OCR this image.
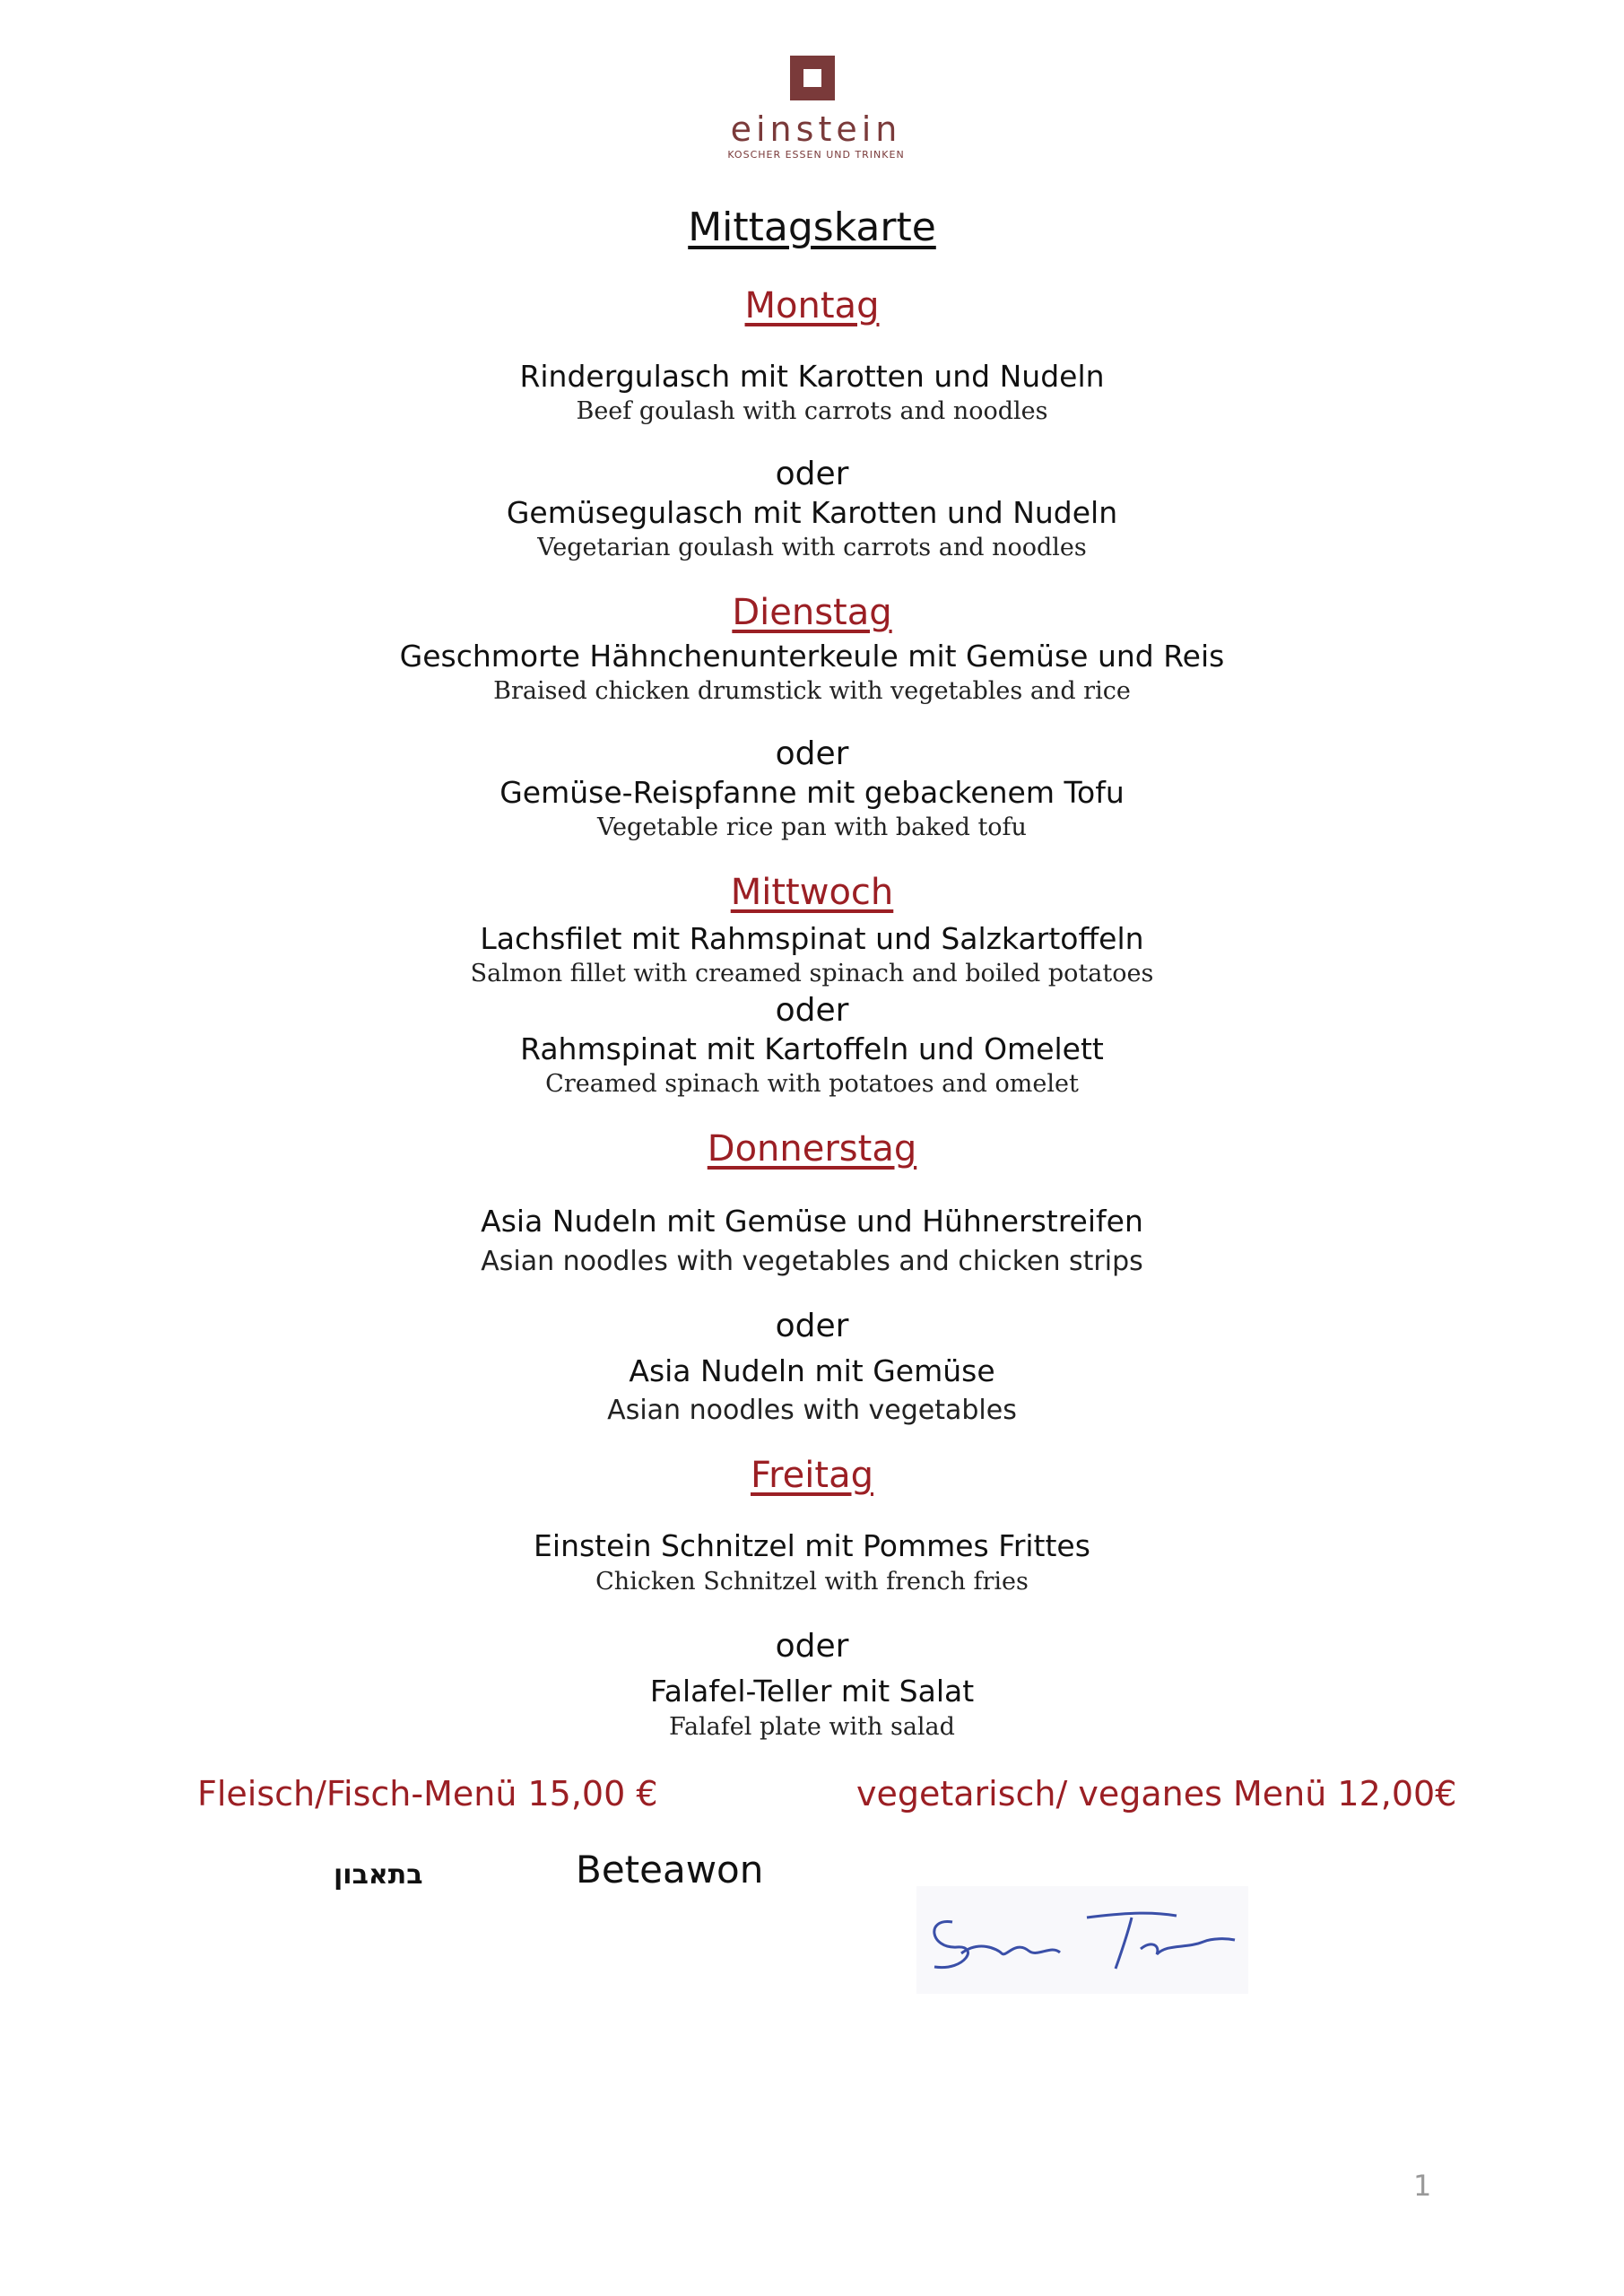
einstein
KOSCHER ESSEN UND TRINKEN
Mittagskarte
Montag
Rindergulasch mit Karotten und Nudeln
Beef goulash with carrots and noodles
oder
Gemüsegulasch mit Karotten und Nudeln
Vegetarian goulash with carrots and noodles
Dienstag
Geschmorte Hähnchenunterkeule mit Gemüse und Reis
Braised chicken drumstick with vegetables and rice
oder
Gemüse-Reispfanne mit gebackenem Tofu
Vegetable rice pan with baked tofu
Mittwoch
Lachsfilet mit Rahmspinat und Salzkartoffeln
Salmon fillet with creamed spinach and boiled potatoes
oder
Rahmspinat mit Kartoffeln und Omelett
Creamed spinach with potatoes and omelet
Donnerstag
Asia Nudeln mit Gemüse und Hühnerstreifen
Asian noodles with vegetables and chicken strips
oder
Asia Nudeln mit Gemüse
Asian noodles with vegetables
Freitag
Einstein Schnitzel mit Pommes Frittes
Chicken Schnitzel with french fries
oder
Falafel-Teller mit Salat
Falafel plate with salad
Fleisch/Fisch-Menü 15,00 €	vegetarisch/ veganes Menü 12,00€
בתאבון	Beteawon
1
